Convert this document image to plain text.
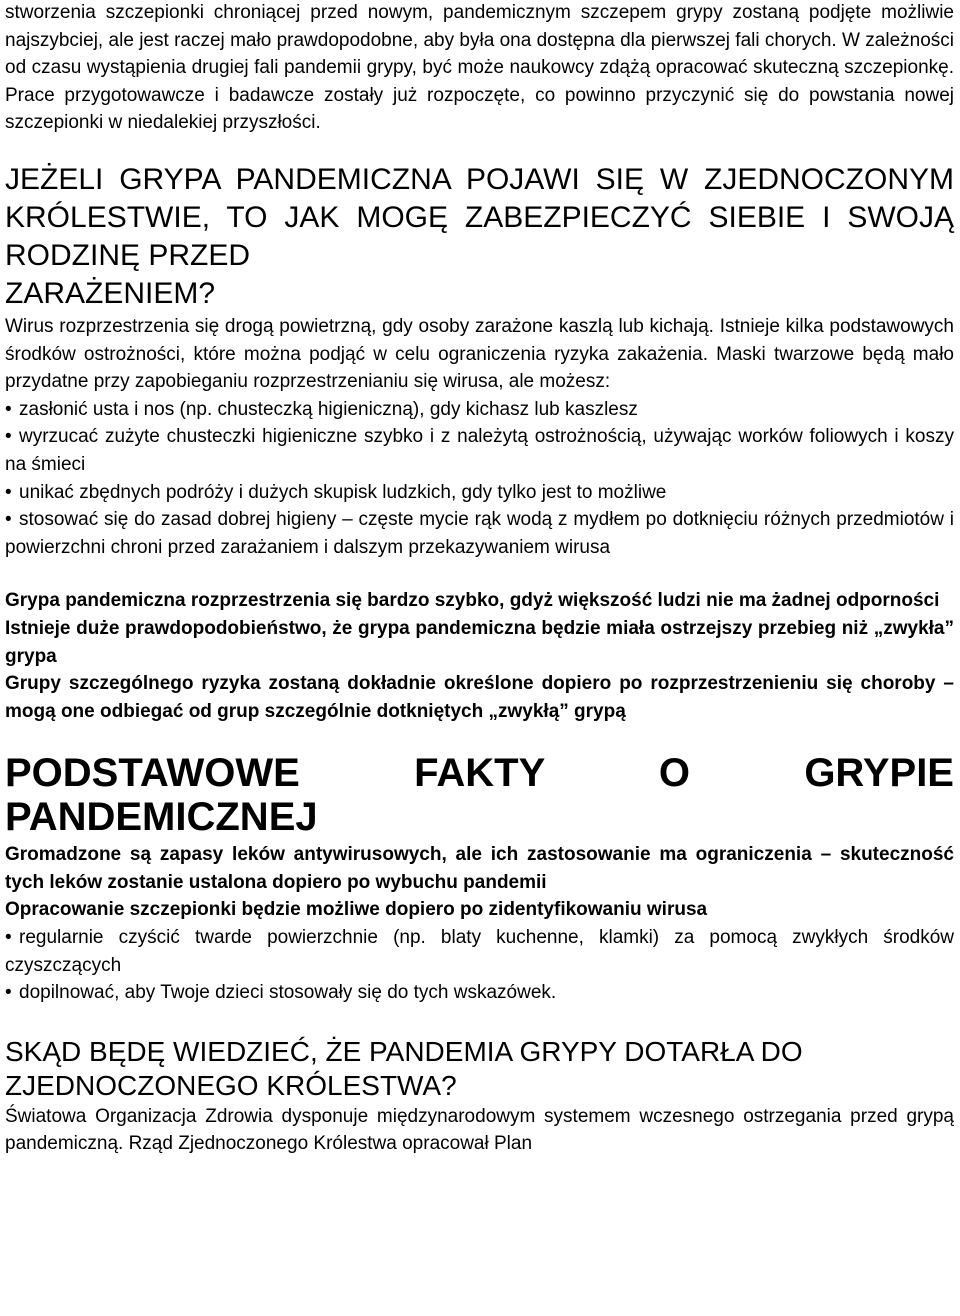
stworzenia szczepionki chroniącej przed nowym, pandemicznym szczepem grypy zostaną podjęte możliwie najszybciej, ale jest raczej mało prawdopodobne, aby była ona dostępna dla pierwszej fali chorych. W zależności od czasu wystąpienia drugiej fali pandemii grypy, być może naukowcy zdążą opracować skuteczną szczepionkę. Prace przygotowawcze i badawcze zostały już rozpoczęte, co powinno przyczynić się do powstania nowej szczepionki w niedalekiej przyszłości.

JEŻELI GRYPA PANDEMICZNA POJAWI SIĘ W ZJEDNOCZONYM KRÓLESTWIE, TO JAK MOGĘ ZABEZPIECZYĆ SIEBIE I SWOJĄ RODZINĘ PRZED
ZARAŻENIEM?

Wirus rozprzestrzenia się drogą powietrzną, gdy osoby zarażone kaszlą lub kichają. Istnieje kilka podstawowych środków ostrożności, które można podjąć w celu ograniczenia ryzyka zakażenia. Maski twarzowe będą mało przydatne przy zapobieganiu rozprzestrzenianiu się wirusa, ale możesz:

• zasłonić usta i nos (np. chusteczką higieniczną), gdy kichasz lub kaszlesz

• wyrzucać zużyte chusteczki higieniczne szybko i z należytą ostrożnością, używając worków foliowych i koszy na śmieci

• unikać zbędnych podróży i dużych skupisk ludzkich, gdy tylko jest to możliwe

• stosować się do zasad dobrej higieny – częste mycie rąk wodą z mydłem po dotknięciu różnych przedmiotów i powierzchni chroni przed zarażaniem i dalszym przekazywaniem wirusa

Grypa pandemiczna rozprzestrzenia się bardzo szybko, gdyż większość ludzi nie ma żadnej odporności

Istnieje duże prawdopodobieństwo, że grypa pandemiczna będzie miała ostrzejszy przebieg niż „zwykła” grypa

Grupy szczególnego ryzyka zostaną dokładnie określone dopiero po rozprzestrzenieniu się choroby – mogą one odbiegać od grup szczególnie dotkniętych „zwykłą” grypą

PODSTAWOWE FAKTY O GRYPIE
PANDEMICZNEJ

Gromadzone są zapasy leków antywirusowych, ale ich zastosowanie ma ograniczenia – skuteczność tych leków zostanie ustalona dopiero po wybuchu pandemii

Opracowanie szczepionki będzie możliwe dopiero po zidentyfikowaniu wirusa

• regularnie czyścić twarde powierzchnie (np. blaty kuchenne, klamki) za pomocą zwykłych środków czyszczących

• dopilnować, aby Twoje dzieci stosowały się do tych wskazówek.

SKĄD BĘDĘ WIEDZIEĆ, ŻE PANDEMIA GRYPY DOTARŁA DO ZJEDNOCZONEGO KRÓLESTWA?

Światowa Organizacja Zdrowia dysponuje międzynarodowym systemem wczesnego ostrzegania przed grypą pandemiczną. Rząd Zjednoczonego Królestwa opracował Plan
